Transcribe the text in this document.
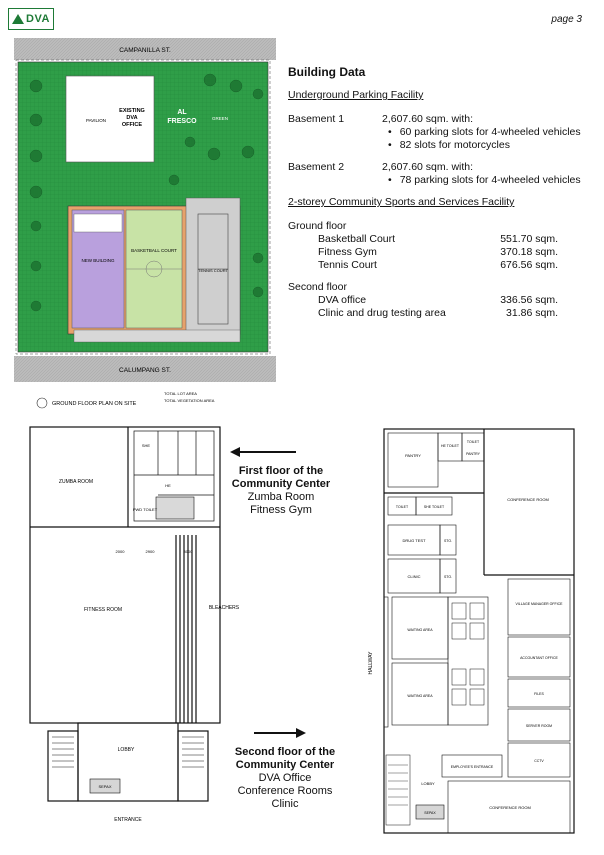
DVA	page 3
CAMPANILLA ST.
PAVILION
EXISTING DVA OFFICE
AL FRESCO	GREEN
NEW BUILDING
BASKETBALL COURT
TENNIS COURT
CALUMPANG ST.
GROUND FLOOR PLAN ON SITE
TOTAL LOT AREA
TOTAL VEGETATION AREA
Building Data
Underground Parking Facility
Basement 1	2,607.60 sqm. with:
• 60 parking slots for 4-wheeled vehicles
• 82 slots for motorcycles
Basement 2	2,607.60 sqm. with:
• 78 parking slots for 4-wheeled vehicles
2-storey Community Sports and Services Facility
Ground floor
Basketball Court	551.70 sqm.
Fitness Gym	370.18 sqm.
Tennis Court	676.56 sqm.
Second floor
DVA office	336.56 sqm.
Clinic and drug testing area	31.86 sqm.
SHE
HE
PWD TOILET
ZUMBA ROOM
FITNESS ROOM	BLEACHERS
2000	2900	3000
LOBBY
SEPAX
ENTRANCE
First floor of the Community Center
Zumba Room
Fitness Gym
Second floor of the Community Center
DVA Office
Conference Rooms
Clinic
PANTRY
HE TOILET
TOILET
PANTRY
CONFERENCE ROOM
TOILET	SHE TOILET
DRUG TEST	STO.
CLINIC	STO.
HALLWAY
WAITING AREA
WAITING AREA
VILLAGE MANAGER OFFICE
ACCOUNTANT OFFICE
FILES
SERVER ROOM
CCTV
EMPLOYEE'S ENTRANCE
LOBBY
SEPAX
CONFERENCE ROOM
